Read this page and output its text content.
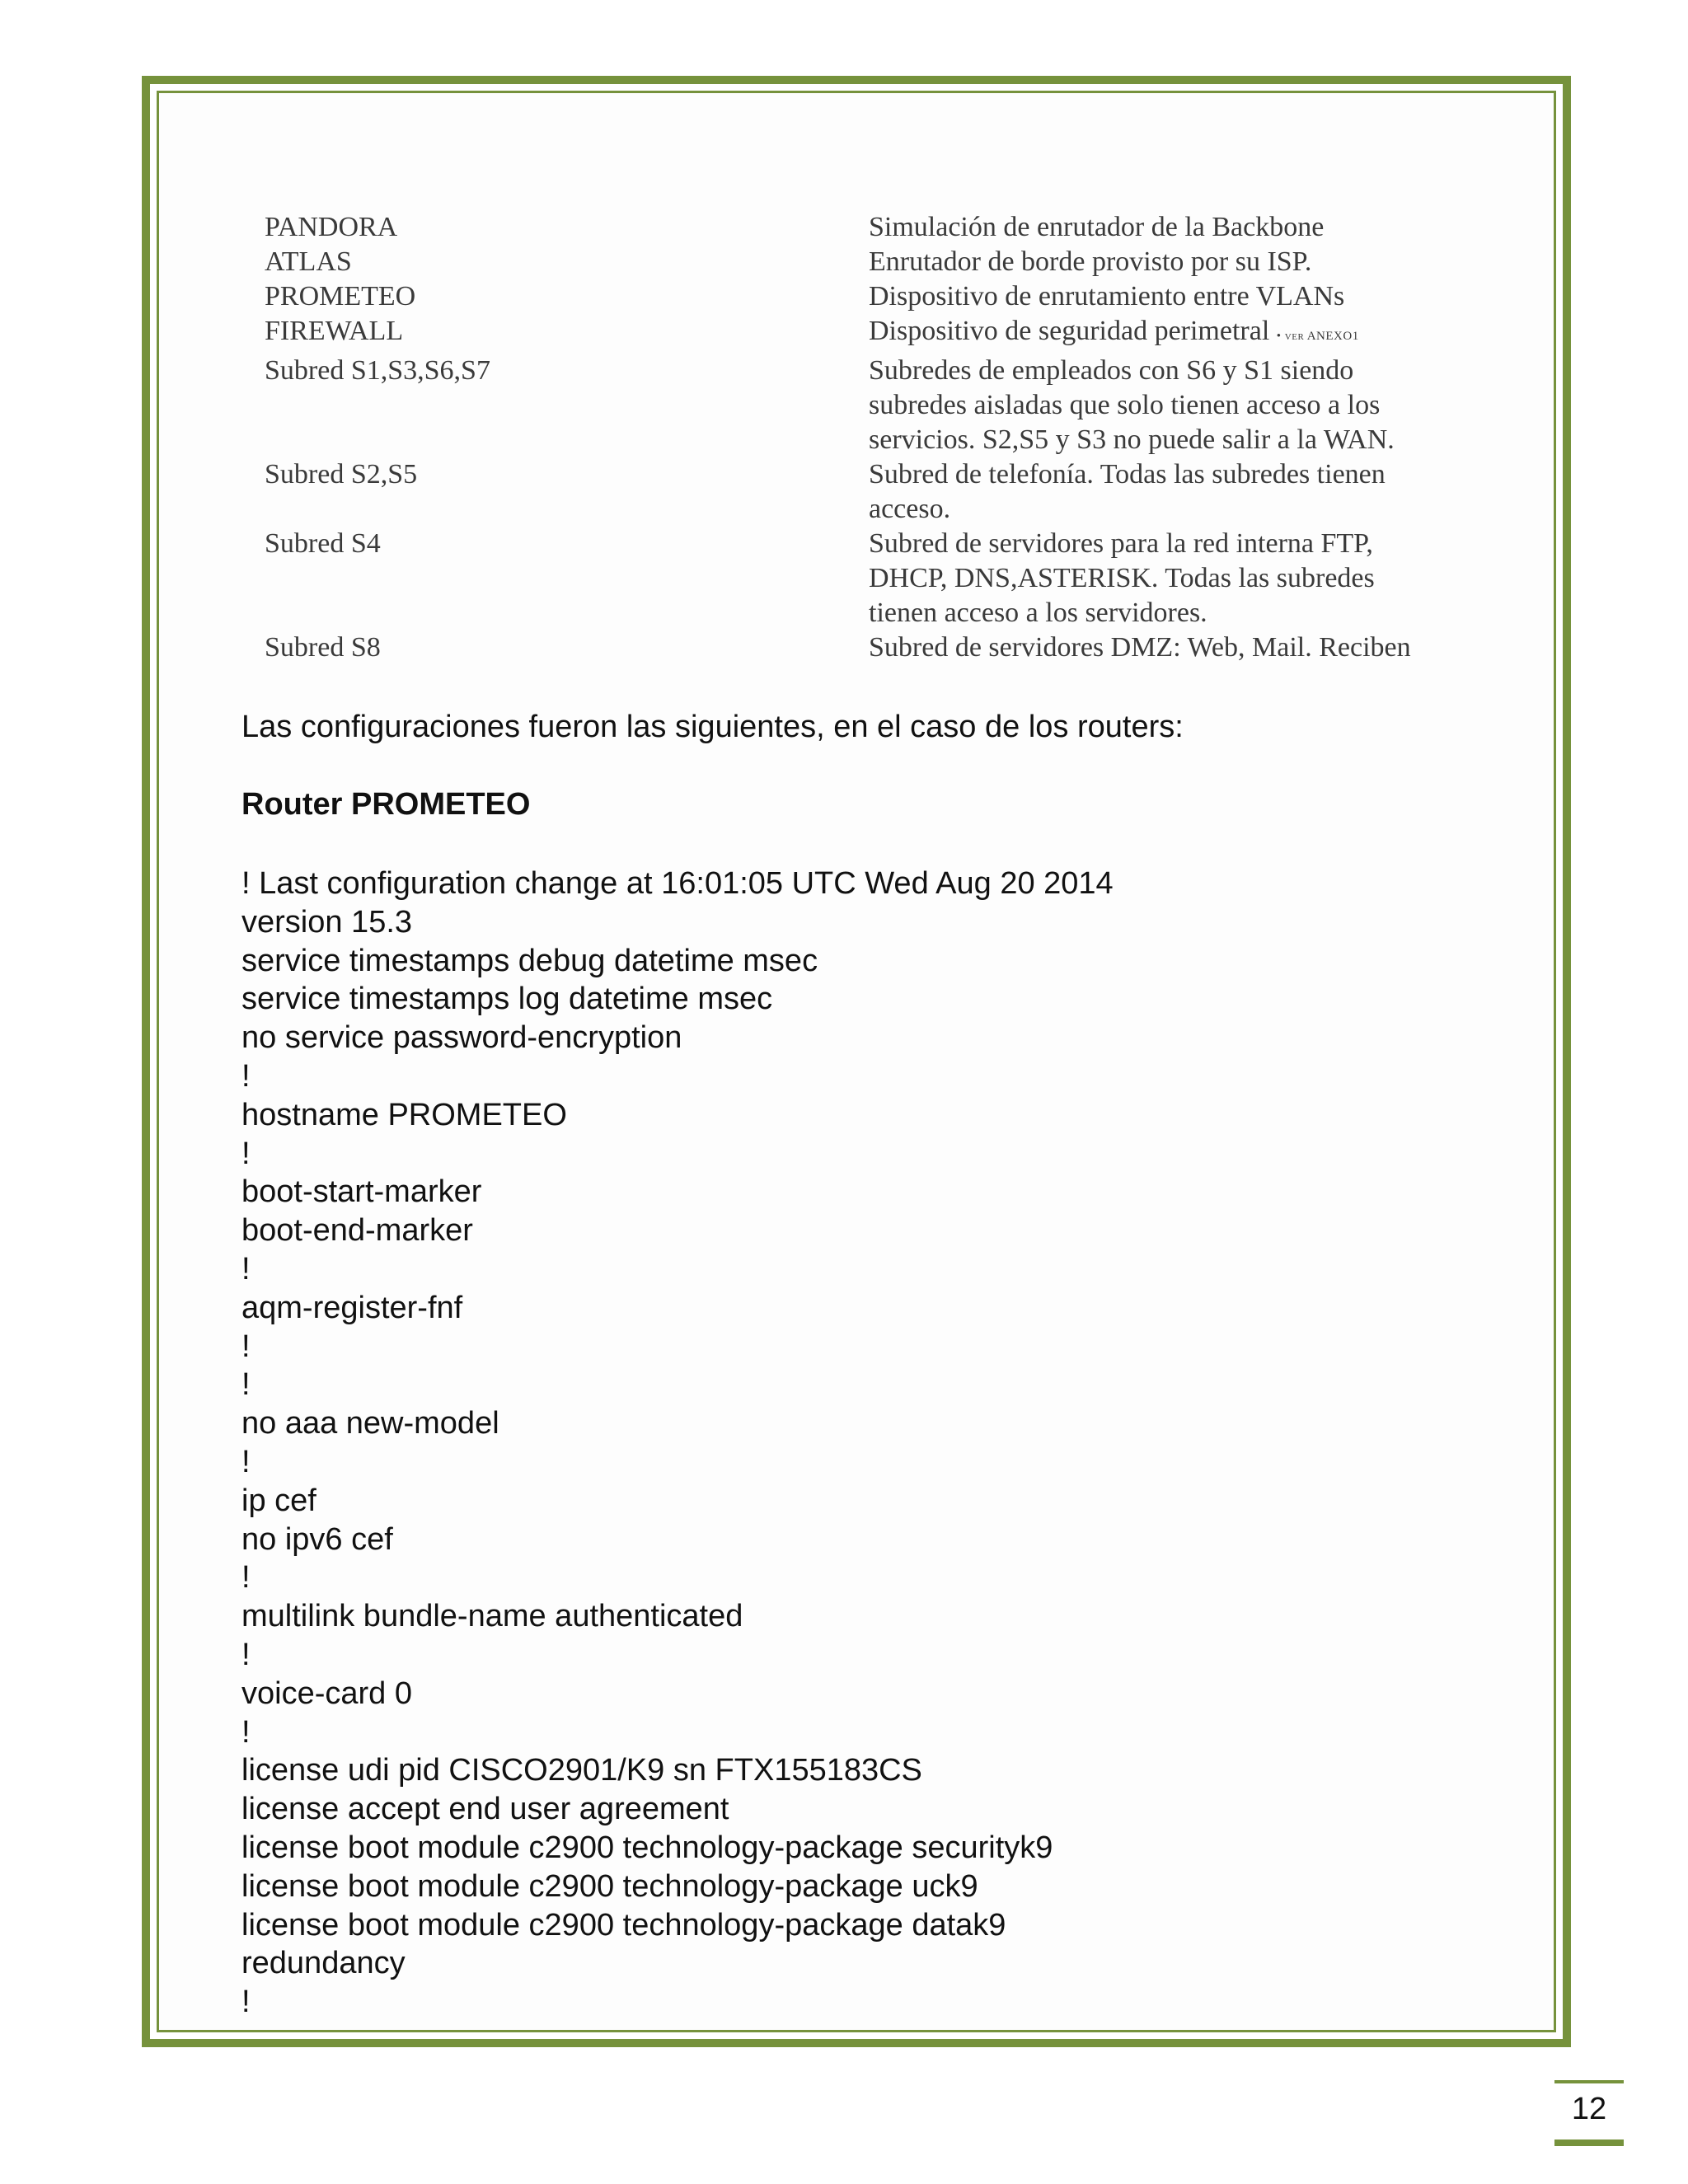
PANDORA	Simulación de enrutador de la Backbone
ATLAS	Enrutador de borde provisto por su ISP.
PROMETEO	Dispositivo de enrutamiento entre VLANs
FIREWALL	Dispositivo de seguridad perimetral • ver ANEXO1
Subred S1,S3,S6,S7	Subredes de empleados con S6 y S1 siendo
subredes aisladas que solo tienen acceso a los
servicios. S2,S5 y S3 no puede salir a la WAN.
Subred S2,S5	Subred de telefonía. Todas las subredes tienen
acceso.
Subred S4	Subred de servidores para la red interna FTP,
DHCP, DNS,ASTERISK. Todas las subredes
tienen acceso a los servidores.
Subred S8	Subred de servidores DMZ: Web, Mail. Reciben
Las configuraciones fueron las siguientes, en el caso de los routers:
Router PROMETEO
! Last configuration change at 16:01:05 UTC Wed Aug 20 2014
version 15.3
service timestamps debug datetime msec
service timestamps log datetime msec
no service password-encryption
!
hostname PROMETEO
!
boot-start-marker
boot-end-marker
!
aqm-register-fnf
!
!
no aaa new-model
!
ip cef
no ipv6 cef
!
multilink bundle-name authenticated
!
voice-card 0
!
license udi pid CISCO2901/K9 sn FTX155183CS
license accept end user agreement
license boot module c2900 technology-package securityk9
license boot module c2900 technology-package uck9
license boot module c2900 technology-package datak9
redundancy
!
12
